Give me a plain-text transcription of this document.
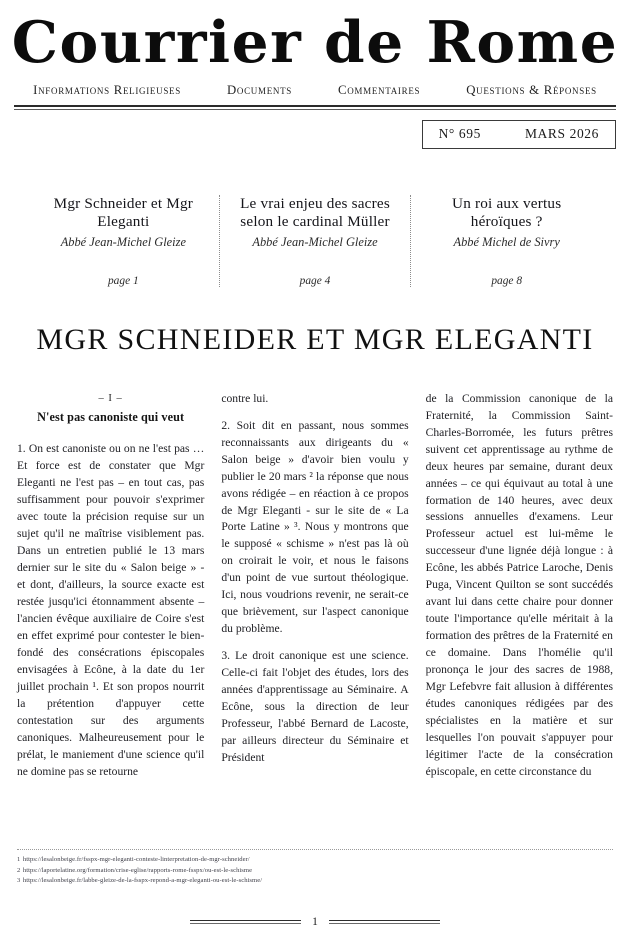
Courrier de Rome
Informations Religieuses	Documents	Commentaires	Questions & Réponses
N° 695	MARS 2026
Mgr Schneider et Mgr Eleganti
Abbé Jean-Michel Gleize
page 1
Le vrai enjeu des sacres selon le cardinal Müller
Abbé Jean-Michel Gleize
page 4
Un roi aux vertus héroïques ?
Abbé Michel de Sivry
page 8
MGR SCHNEIDER ET MGR ELEGANTI
– I –
N'est pas canoniste qui veut

1. On est canoniste ou on ne l'est pas … Et force est de constater que Mgr Eleganti ne l'est pas – en tout cas, pas suffisamment pour pouvoir s'exprimer avec toute la précision requise sur un sujet qu'il ne maîtrise visiblement pas. Dans un entretien publié le 13 mars dernier sur le site du « Salon beige » - et dont, d'ailleurs, la source exacte est restée jusqu'ici étonnamment absente – l'ancien évêque auxiliaire de Coire s'est en effet exprimé pour contester le bien-fondé des consécrations épiscopales envisagées à Ecône, à la date du 1er juillet prochain ¹. Et son propos nourrit la prétention d'appuyer cette contestation sur des arguments canoniques. Malheureusement pour le prélat, le maniement d'une science qu'il ne domine pas se retourne

contre lui.

2. Soit dit en passant, nous sommes reconnaissants aux dirigeants du « Salon beige » d'avoir bien voulu y publier le 20 mars ² la réponse que nous avons rédigée – en réaction à ce propos de Mgr Eleganti - sur le site de « La Porte Latine » ³. Nous y montrons que le supposé « schisme » n'est pas là où on croirait le voir, et nous le faisons d'un point de vue surtout théologique. Ici, nous voudrions revenir, ne serait-ce que brièvement, sur l'aspect canonique du problème.

3. Le droit canonique est une science. Celle-ci fait l'objet des études, lors des années d'apprentissage au Séminaire. A Ecône, sous la direction de leur Professeur, l'abbé Bernard de Lacoste, par ailleurs directeur du Séminaire et Président

de la Commission canonique de la Fraternité, la Commission Saint-Charles-Borromée, les futurs prêtres suivent cet apprentissage au rythme de deux heures par semaine, durant deux années – ce qui équivaut au total à une formation de 140 heures, avec deux sessions annuelles d'examens. Leur Professeur actuel est lui-même le successeur d'une lignée déjà longue : à Ecône, les abbés Patrice Laroche, Denis Puga, Vincent Quilton se sont succédés avant lui dans cette chaire pour donner toute l'importance qu'elle méritait à la formation des prêtres de la Fraternité en ce domaine. Dans l'homélie qu'il prononça le jour des sacres de 1988, Mgr Lefebvre fait allusion à différentes études canoniques rédigées par des spécialistes en la matière et sur lesquelles l'on pouvait s'appuyer pour légitimer l'acte de la consécration épiscopale, en cette circonstance du

1 https://lesalonbeige.fr/fsspx-mgr-eleganti-conteste-linterpretation-de-mgr-schneider/
2 https://laportelatine.org/formation/crise-eglise/rapports-rome-fsspx/ou-est-le-schisme
3 https://lesalonbeige.fr/labbe-gleize-de-la-fsspx-repond-a-mgr-eleganti-ou-est-le-schisme/
1
